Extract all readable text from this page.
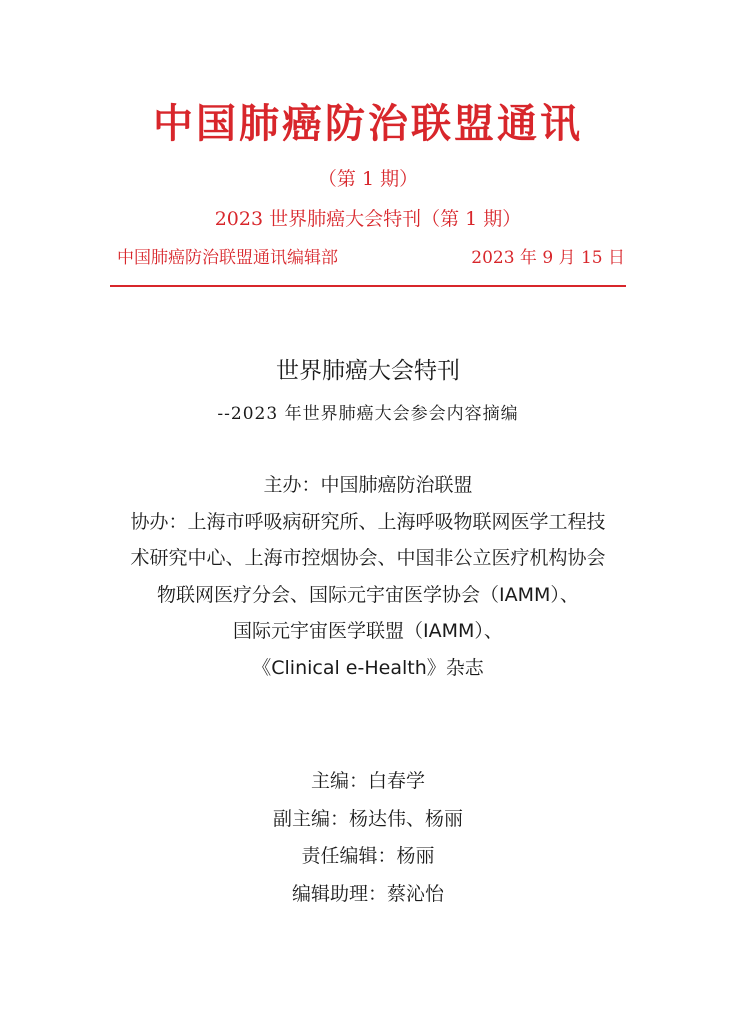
中国肺癌防治联盟通讯
（第 1 期）
2023 世界肺癌大会特刊（第 1 期）
中国肺癌防治联盟通讯编辑部	2023 年 9 月 15 日
世界肺癌大会特刊
--2023 年世界肺癌大会参会内容摘编
主办：中国肺癌防治联盟
协办：上海市呼吸病研究所、上海呼吸物联网医学工程技
术研究中心、上海市控烟协会、中国非公立医疗机构协会
物联网医疗分会、国际元宇宙医学协会（IAMM）、
国际元宇宙医学联盟（IAMM）、
《Clinical e-Health》杂志
主编：白春学
副主编：杨达伟、杨丽
责任编辑：杨丽
编辑助理：蔡沁怡
